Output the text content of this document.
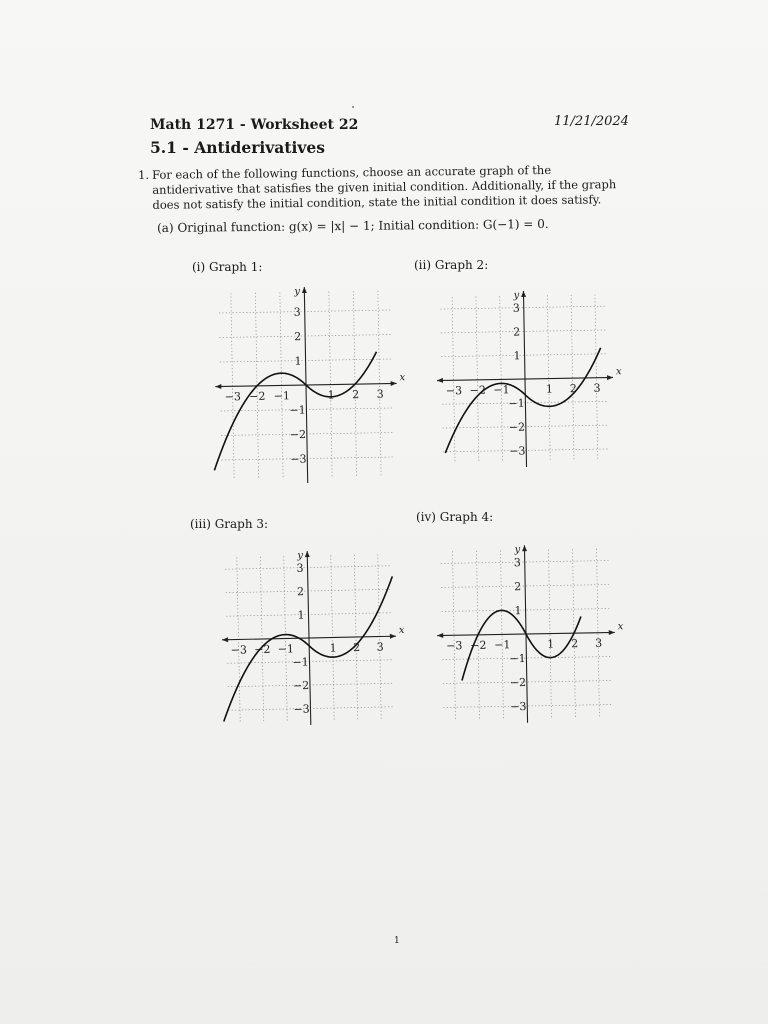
Math 1271 - Worksheet 22	11/21/2024
5.1 - Antiderivatives
1. For each of the following functions, choose an accurate graph of the antiderivative that satisfies the given initial condition. Additionally, if the graph does not satisfy the initial condition, state the initial condition it does satisfy.
(a) Original function: g(x) = |x| − 1; Initial condition: G(−1) = 0.
(i) Graph 1:	(ii) Graph 2:
(iii) Graph 3:	(iv) Graph 4:
x
y
−3 −2 −1	1 2 3
3
2
1
−1
−2
−3
x
y
−3 −2 −1	1 2 3
3
2
1
−1
−2
−3
x
y
−3 −2 −1	1 2 3
3
2
1
−1
−2
−3
x
y
−3 −2 −1	1 2 3
3
2
1
−1
−2
−3
1
